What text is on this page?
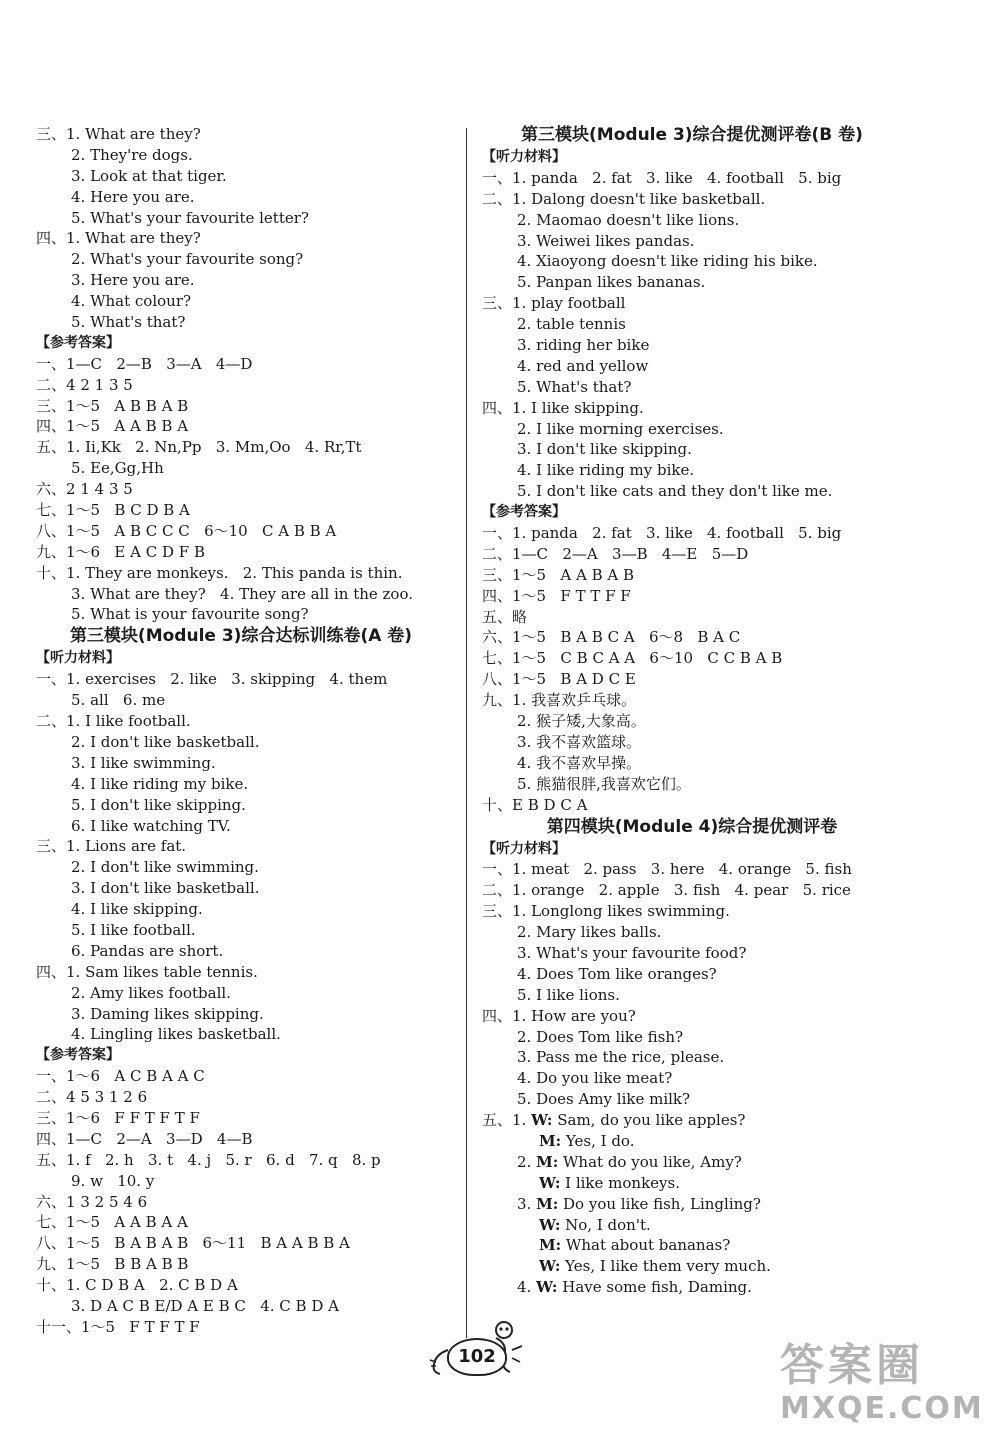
三、1. What are they?
2. They're dogs.
3. Look at that tiger.
4. Here you are.
5. What's your favourite letter?
四、1. What are they?
2. What's your favourite song?
3. Here you are.
4. What colour?
5. What's that?
【参考答案】
一、1—C   2—B   3—A   4—D
二、4 2 1 3 5
三、1～5   A B B A B
四、1～5   A A B B A
五、1. Ii,Kk   2. Nn,Pp   3. Mm,Oo   4. Rr,Tt
5. Ee,Gg,Hh
六、2 1 4 3 5
七、1～5   B C D B A
八、1～5   A B C C C   6～10   C A B B A
九、1～6   E A C D F B
十、1. They are monkeys.   2. This panda is thin.
3. What are they?   4. They are all in the zoo.
5. What is your favourite song?
第三模块(Module 3)综合达标训练卷(A 卷)
【听力材料】
一、1. exercises   2. like   3. skipping   4. them
5. all   6. me
二、1. I like football.
2. I don't like basketball.
3. I like swimming.
4. I like riding my bike.
5. I don't like skipping.
6. I like watching TV.
三、1. Lions are fat.
2. I don't like swimming.
3. I don't like basketball.
4. I like skipping.
5. I like football.
6. Pandas are short.
四、1. Sam likes table tennis.
2. Amy likes football.
3. Daming likes skipping.
4. Lingling likes basketball.
【参考答案】
一、1～6   A C B A A C
二、4 5 3 1 2 6
三、1～6   F F T F T F
四、1—C   2—A   3—D   4—B
五、1. f   2. h   3. t   4. j   5. r   6. d   7. q   8. p
9. w   10. y
六、1 3 2 5 4 6
七、1～5   A A B A A
八、1～5   B A B A B   6～11   B A A B B A
九、1～5   B B A B B
十、1. C D B A   2. C B D A
3. D A C B E/D A E B C   4. C B D A
十一、1～5   F T F T F
第三模块(Module 3)综合提优测评卷(B 卷)
【听力材料】
一、1. panda   2. fat   3. like   4. football   5. big
二、1. Dalong doesn't like basketball.
2. Maomao doesn't like lions.
3. Weiwei likes pandas.
4. Xiaoyong doesn't like riding his bike.
5. Panpan likes bananas.
三、1. play football
2. table tennis
3. riding her bike
4. red and yellow
5. What's that?
四、1. I like skipping.
2. I like morning exercises.
3. I don't like skipping.
4. I like riding my bike.
5. I don't like cats and they don't like me.
【参考答案】
一、1. panda   2. fat   3. like   4. football   5. big
二、1—C   2—A   3—B   4—E   5—D
三、1～5   A A B A B
四、1～5   F T T F F
五、略
六、1～5   B A B C A   6～8   B A C
七、1～5   C B C A A   6～10   C C B A B
八、1～5   B A D C E
九、1. 我喜欢乒乓球。
2. 猴子矮,大象高。
3. 我不喜欢篮球。
4. 我不喜欢早操。
5. 熊猫很胖,我喜欢它们。
十、E B D C A
第四模块(Module 4)综合提优测评卷
【听力材料】
一、1. meat   2. pass   3. here   4. orange   5. fish
二、1. orange   2. apple   3. fish   4. pear   5. rice
三、1. Longlong likes swimming.
2. Mary likes balls.
3. What's your favourite food?
4. Does Tom like oranges?
5. I like lions.
四、1. How are you?
2. Does Tom like fish?
3. Pass me the rice, please.
4. Do you like meat?
5. Does Amy like milk?
五、1. W: Sam, do you like apples?
M: Yes, I do.
2. M: What do you like, Amy?
W: I like monkeys.
3. M: Do you like fish, Lingling?
W: No, I don't.
M: What about bananas?
W: Yes, I like them very much.
4. W: Have some fish, Daming.
102	答案圈
MXQE.COM
